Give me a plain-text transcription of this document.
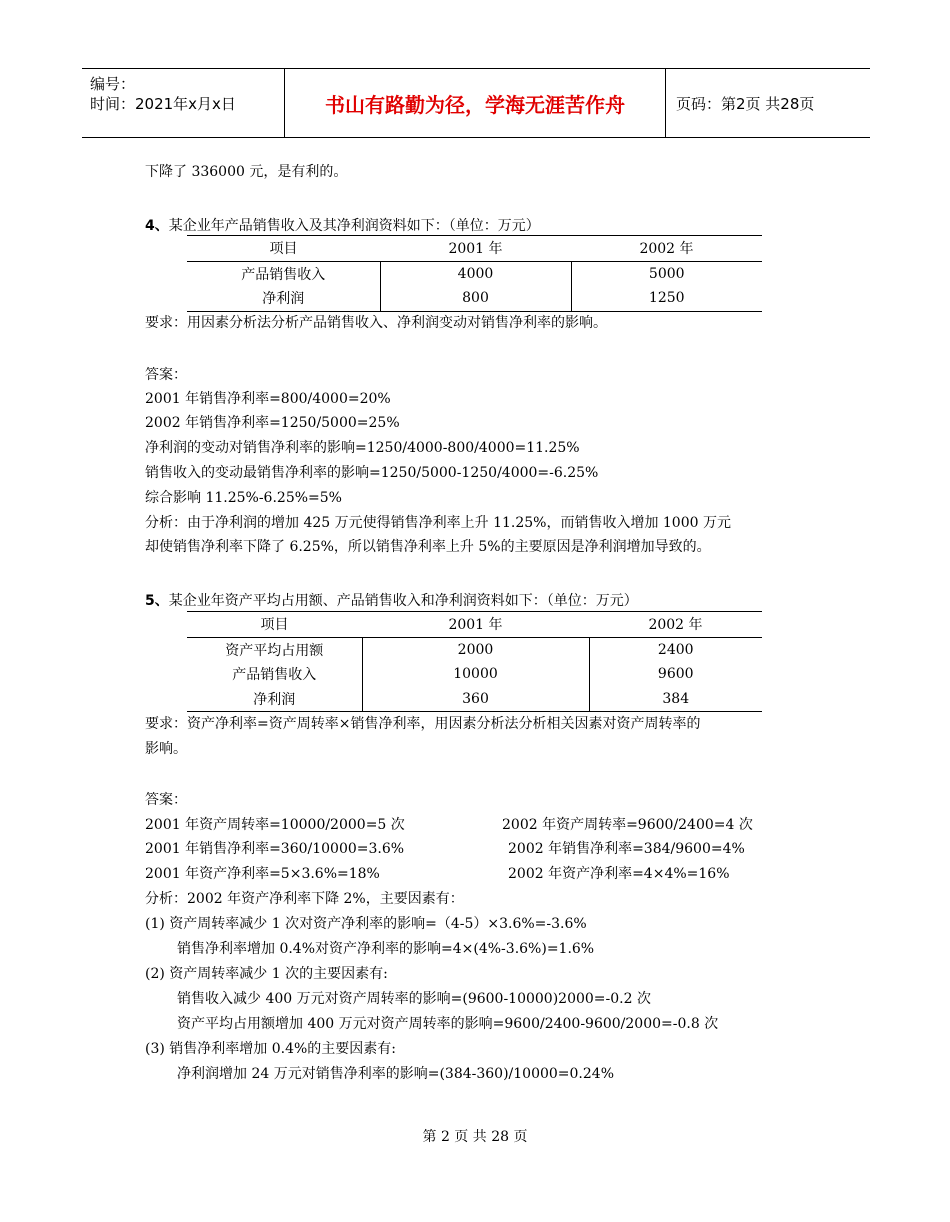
编号：
时间：2021年x月x日	书山有路勤为径，学海无涯苦作舟	页码：第2页 共28页
下降了 336000 元，是有利的。
4、某企业年产品销售收入及其净利润资料如下：（单位：万元）
项目	2001 年	2002 年
产品销售收入	4000	5000
净利润	800	1250
要求：用因素分析法分析产品销售收入、净利润变动对销售净利率的影响。
答案：
2001 年销售净利率=800/4000=20%
2002 年销售净利率=1250/5000=25%
净利润的变动对销售净利率的影响=1250/4000-800/4000=11.25%
销售收入的变动最销售净利率的影响=1250/5000-1250/4000=-6.25%
综合影响 11.25%-6.25%=5%
分析：由于净利润的增加 425 万元使得销售净利率上升 11.25%，而销售收入增加 1000 万元
却使销售净利率下降了 6.25%，所以销售净利率上升 5%的主要原因是净利润增加导致的。
5、某企业年资产平均占用额、产品销售收入和净利润资料如下：（单位：万元）
项目	2001 年	2002 年
资产平均占用额	2000	2400
产品销售收入	10000	9600
净利润	360	384
要求：资产净利率=资产周转率×销售净利率，用因素分析法分析相关因素对资产周转率的
影响。
答案：
2001 年资产周转率=10000/2000=5 次	2002 年资产周转率=9600/2400=4 次
2001 年销售净利率=360/10000=3.6%	2002 年销售净利率=384/9600=4%
2001 年资产净利率=5×3.6%=18%	2002 年资产净利率=4×4%=16%
分析：2002 年资产净利率下降 2%，主要因素有：
(1) 资产周转率减少 1 次对资产净利率的影响=（4-5）×3.6%=-3.6%
销售净利率增加 0.4%对资产净利率的影响=4×(4%-3.6%)=1.6%
(2) 资产周转率减少 1 次的主要因素有:
销售收入减少 400 万元对资产周转率的影响=(9600-10000)2000=-0.2 次
资产平均占用额增加 400 万元对资产周转率的影响=9600/2400-9600/2000=-0.8 次
(3) 销售净利率增加 0.4%的主要因素有:
净利润增加 24 万元对销售净利率的影响=(384-360)/10000=0.24%
第 2 页 共 28 页
